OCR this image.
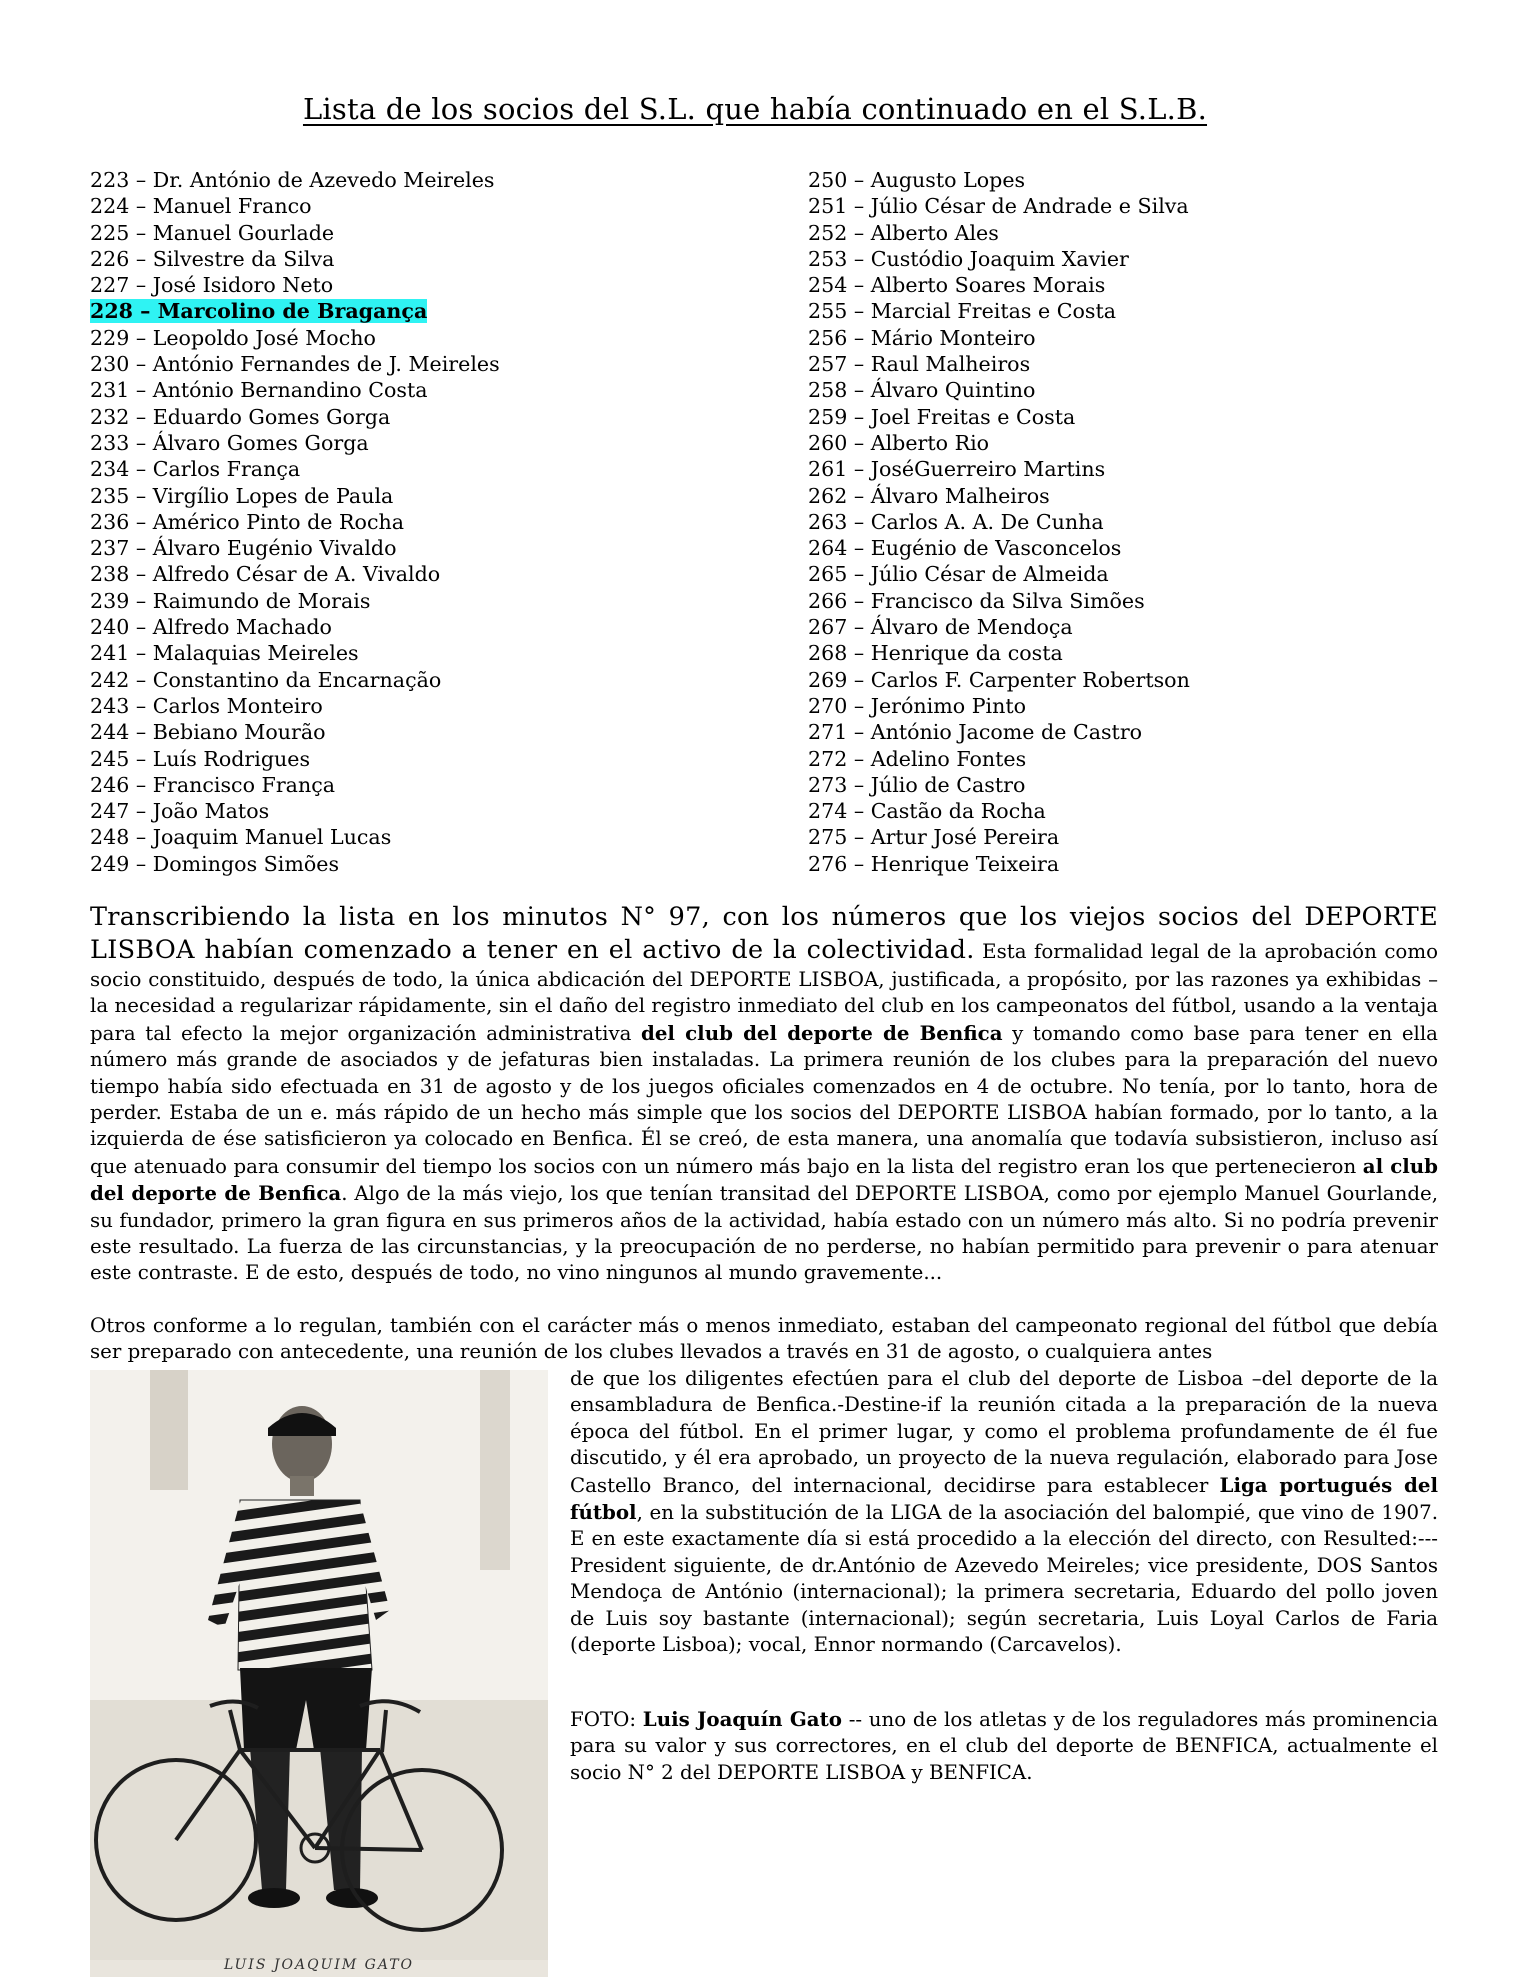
Lista de los socios del S.L. que había continuado en el S.L.B.
223 – Dr. António de Azevedo Meireles
224 – Manuel Franco
225 – Manuel Gourlade
226 – Silvestre da Silva
227 – José Isidoro Neto
228 – Marcolino de Bragança
229 – Leopoldo José Mocho
230 – António Fernandes de J. Meireles
231 – António Bernandino Costa
232 – Eduardo Gomes Gorga
233 – Álvaro Gomes Gorga
234 – Carlos França
235 – Virgílio Lopes de Paula
236 – Américo Pinto de Rocha
237 – Álvaro Eugénio Vivaldo
238 – Alfredo César de A. Vivaldo
239 – Raimundo de Morais
240 – Alfredo Machado
241 – Malaquias Meireles
242 – Constantino da Encarnação
243 – Carlos Monteiro
244 – Bebiano Mourão
245 – Luís Rodrigues
246 – Francisco França
247 – João Matos
248 – Joaquim Manuel Lucas
249 – Domingos Simões
250 – Augusto Lopes
251 – Júlio César de Andrade e Silva
252 – Alberto Ales
253 – Custódio Joaquim Xavier
254 – Alberto Soares Morais
255 – Marcial Freitas e Costa
256 – Mário Monteiro
257 – Raul Malheiros
258 – Álvaro Quintino
259 – Joel Freitas e Costa
260 – Alberto Rio
261 – JoséGuerreiro Martins
262 – Álvaro Malheiros
263 – Carlos A. A. De Cunha
264 – Eugénio de Vasconcelos
265 – Júlio César de Almeida
266 – Francisco da Silva Simões
267 – Álvaro de Mendoça
268 – Henrique da costa
269 – Carlos F. Carpenter Robertson
270 – Jerónimo Pinto
271 – António Jacome de Castro
272 – Adelino Fontes
273 – Júlio de Castro
274 – Castão da Rocha
275 – Artur José Pereira
276 – Henrique Teixeira
Transcribiendo la lista en los minutos N° 97, con los números que los viejos socios del DEPORTE LISBOA habían comenzado a tener en el activo de la colectividad. Esta formalidad legal de la aprobación como socio constituido, después de todo, la única abdicación del DEPORTE LISBOA, justificada, a propósito, por las razones ya exhibidas –la necesidad a regularizar rápidamente, sin el daño del registro inmediato del club en los campeonatos del fútbol, usando a la ventaja para tal efecto la mejor organización administrativa del club del deporte de Benfica y tomando como base para tener en ella número más grande de asociados y de jefaturas bien instaladas. La primera reunión de los clubes para la preparación del nuevo tiempo había sido efectuada en 31 de agosto y de los juegos oficiales comenzados en 4 de octubre. No tenía, por lo tanto, hora de perder. Estaba de un e. más rápido de un hecho más simple que los socios del DEPORTE LISBOA habían formado, por lo tanto, a la izquierda de ése satisficieron ya colocado en Benfica. Él se creó, de esta manera, una anomalía que todavía subsistieron, incluso así que atenuado para consumir del tiempo los socios con un número más bajo en la lista del registro eran los que pertenecieron al club del deporte de Benfica. Algo de la más viejo, los que tenían transitad del DEPORTE LISBOA, como por ejemplo Manuel Gourlande, su fundador, primero la gran figura en sus primeros años de la actividad, había estado con un número más alto. Si no podría prevenir este resultado. La fuerza de las circunstancias, y la preocupación de no perderse, no habían permitido para prevenir o para atenuar este contraste. E de esto, después de todo, no vino ningunos al mundo gravemente...
Otros conforme a lo regulan, también con el carácter más o menos inmediato, estaban del campeonato regional del fútbol que debía ser preparado con antecedente, una reunión de los clubes llevados a través en 31 de agosto, o cualquiera antes
LUIS JOAQUIM GATO
de que los diligentes efectúen para el club del deporte de Lisboa –del deporte de la ensambladura de Benfica.-Destine-if la reunión citada a la preparación de la nueva época del fútbol. En el primer lugar, y como el problema profundamente de él fue discutido, y él era aprobado, un proyecto de la nueva regulación, elaborado para Jose Castello Branco, del internacional, decidirse para establecer Liga portugués del fútbol, en la substitución de la LIGA de la asociación del balompié, que vino de 1907. E en este exactamente día si está procedido a la elección del directo, con Resulted:---President siguiente, de dr.António de Azevedo Meireles; vice presidente, DOS Santos Mendoça de António (internacional); la primera secretaria, Eduardo del pollo joven de Luis soy bastante (internacional); según secretaria, Luis Loyal Carlos de Faria (deporte Lisboa); vocal, Ennor normando (Carcavelos).
FOTO: Luis Joaquín Gato -- uno de los atletas y de los reguladores más prominencia para su valor y sus correctores, en el club del deporte de BENFICA, actualmente el socio N° 2 del DEPORTE LISBOA y BENFICA.
